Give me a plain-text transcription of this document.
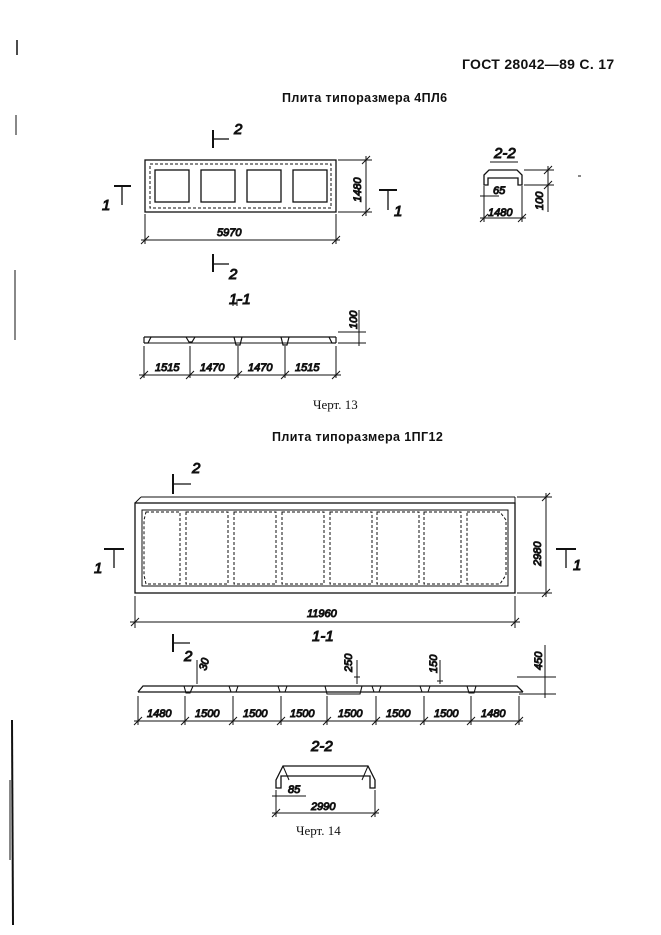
ГОСТ 28042—89 С. 17
Плита типоразмера 4ПЛ6
Черт. 13
Плита типоразмера 1ПГ12
Черт. 14
5970
1480
1	1
2
2
2-2
65
1480
100
1-1
100
1515 1470 1470 1515
11960
2980
1	1
2
2
1-1
30	250	150	450
1480 1500 1500 1500 1500 1500 1500 1480
2-2
85
2990
